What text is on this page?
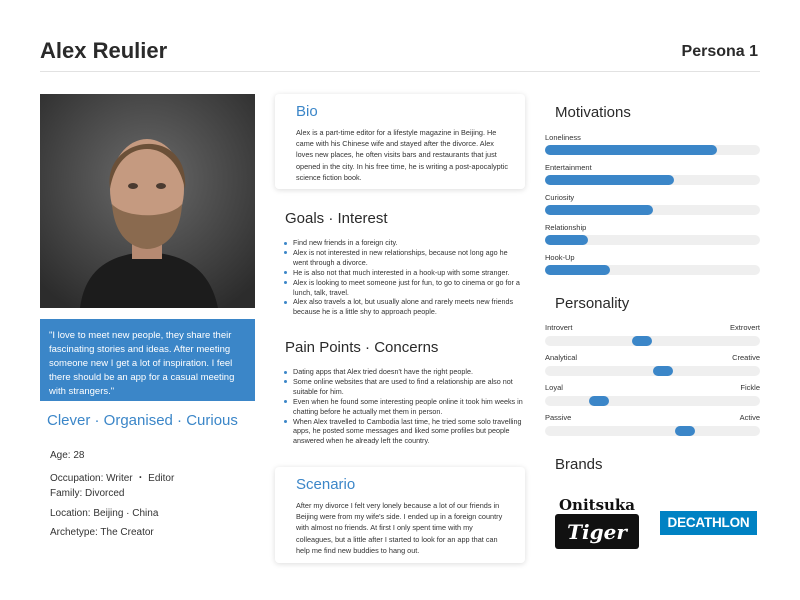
Alex Reulier	Persona 1
"I love to meet new people, they share their fascinating stories and ideas. After meeting someone new I get a lot of inspiration. I feel there should be an app for a casual meeting with strangers."
Clever · Organised · Curious
Age: 28
Occupation: Writer ・ Editor
Family: Divorced
Location: Beijing · China
Archetype: The Creator
Bio
Alex is a part-time editor for a lifestyle magazine in Beijing. He came with his Chinese wife and stayed after the divorce. Alex loves new places, he often visits bars and restaurants that just opened in the city. In his free time, he is writing a post-apocalyptic science fiction book.
Goals · Interest
Find new friends in a foreign city.
Alex is not interested in new relationships, because not long ago he went through a divorce.
He is also not that much interested in a hook-up with some stranger.
Alex is looking to meet someone just for fun, to go to cinema or go for a lunch, talk, travel.
Alex also travels a lot, but usually alone and rarely meets new friends because he is a little shy to approach people.
Pain Points · Concerns
Dating apps that Alex tried doesn't have the right people.
Some online websites that are used to find a relationship are also not suitable for him.
Even when he found some interesting people online it took him weeks in chatting before he actually met them in person.
When Alex travelled to Cambodia last time, he tried some solo travelling apps, he posted some messages and liked some profiles but people answered when he already left the country.
Scenario
After my divorce I felt very lonely because a lot of our friends in Beijing were from my wife's side. I ended up in a foreign country with almost no friends. At first I only spent time with my colleagues, but a little after I started to look for an app that can help me find new buddies to hang out.
Motivations
Loneliness
Entertainment
Curiosity
Relationship
Hook-Up
Personality
Introvert	Extrovert
Analytical	Creative
Loyal	Fickle
Passive	Active
Brands
Onitsuka
Tiger	DECATHLON
